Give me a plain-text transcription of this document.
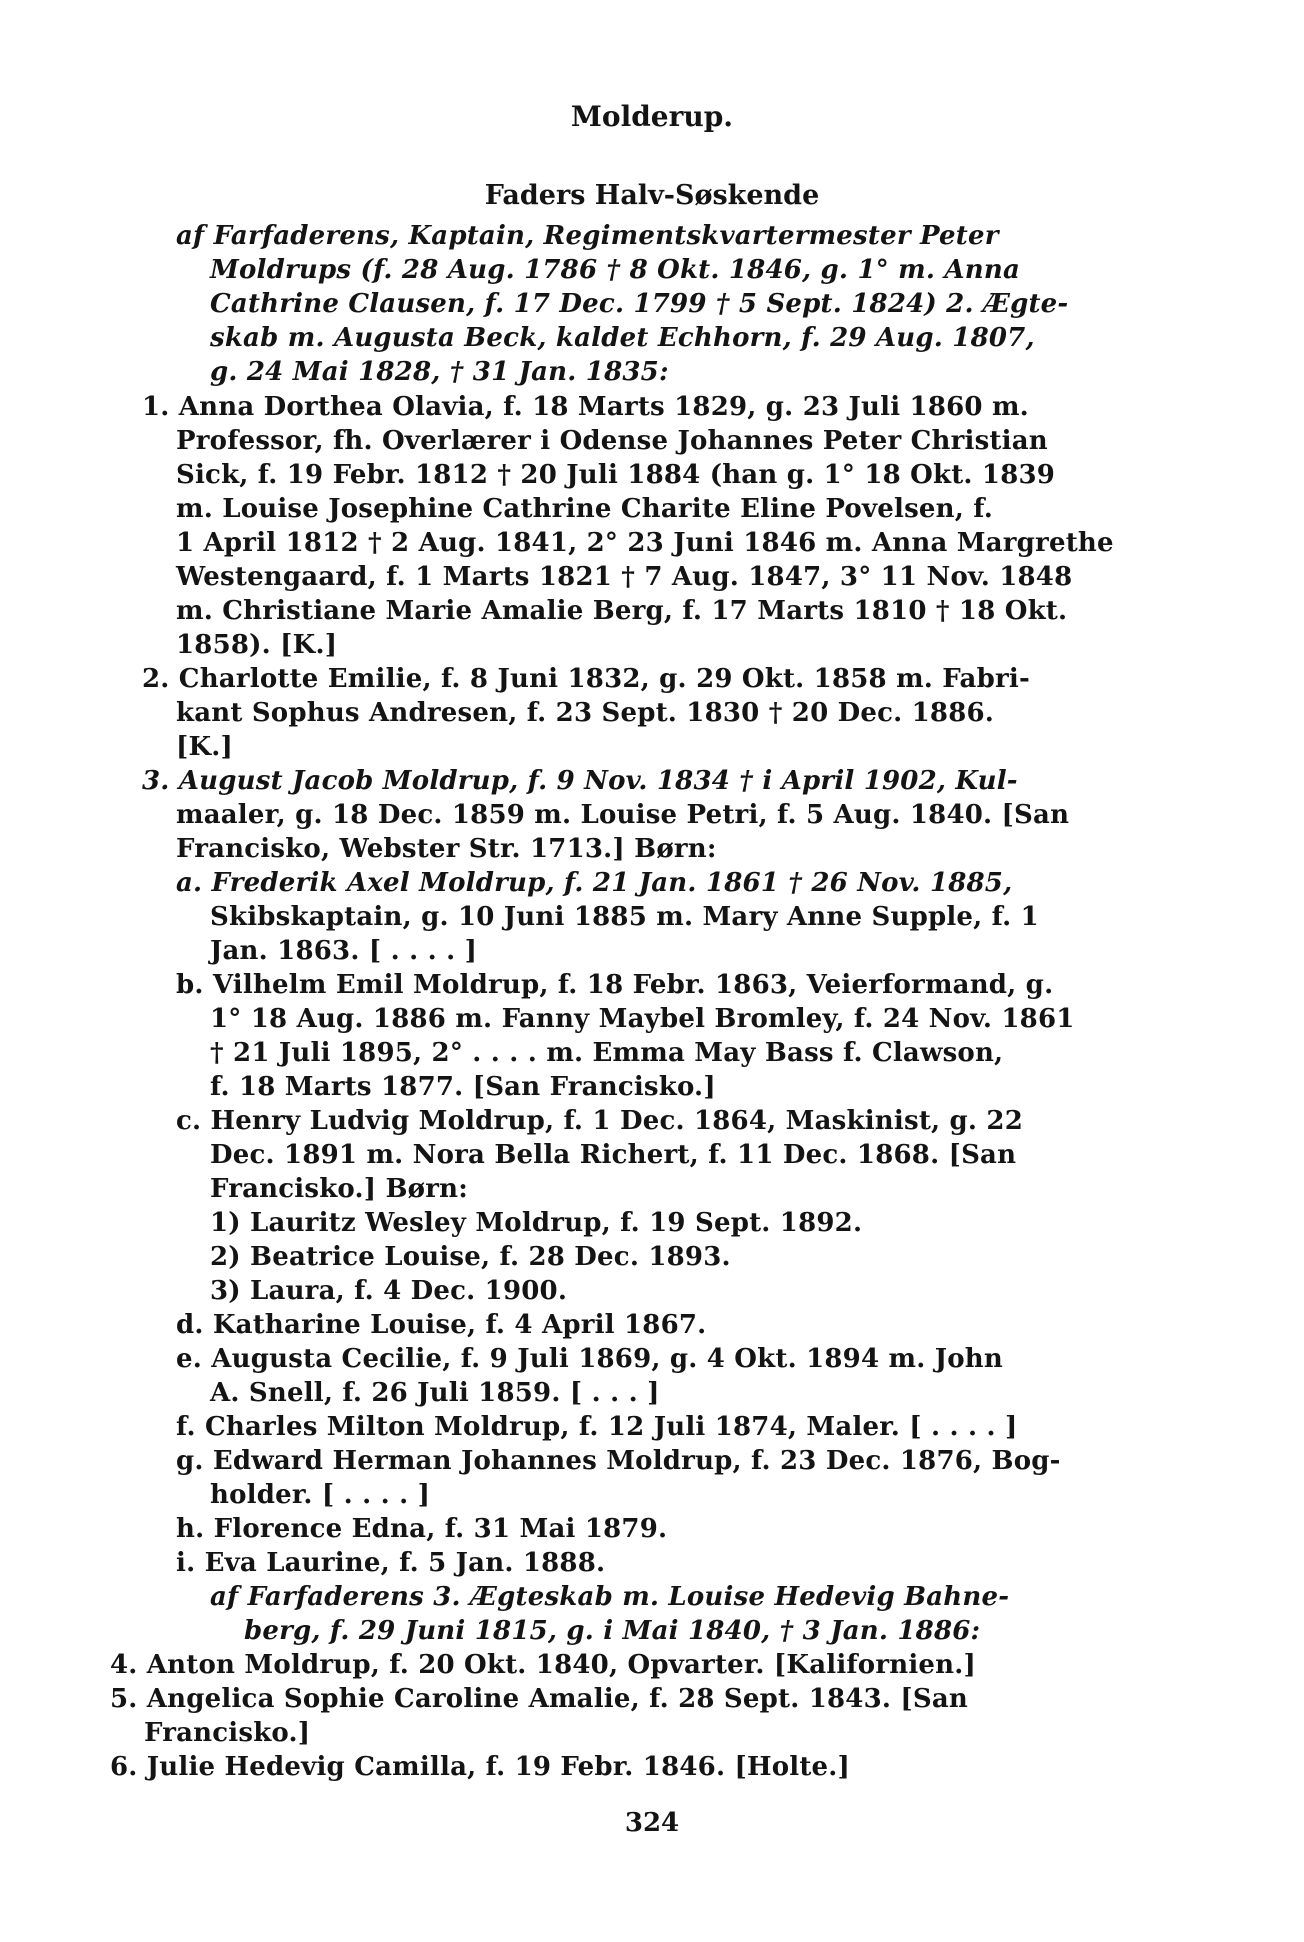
Molderup.
Faders Halv-Søskende
af Farfaderens, Kaptain, Regimentskvartermester Peter
Moldrups (f. 28 Aug. 1786 † 8 Okt. 1846, g. 1° m. Anna
Cathrine Clausen, f. 17 Dec. 1799 † 5 Sept. 1824) 2. Ægte-
skab m. Augusta Beck, kaldet Echhorn, f. 29 Aug. 1807,
g. 24 Mai 1828, † 31 Jan. 1835:
1. Anna Dorthea Olavia, f. 18 Marts 1829, g. 23 Juli 1860 m.
Professor, fh. Overlærer i Odense Johannes Peter Christian
Sick, f. 19 Febr. 1812 † 20 Juli 1884 (han g. 1° 18 Okt. 1839
m. Louise Josephine Cathrine Charite Eline Povelsen, f.
1 April 1812 † 2 Aug. 1841, 2° 23 Juni 1846 m. Anna Margrethe
Westengaard, f. 1 Marts 1821 † 7 Aug. 1847, 3° 11 Nov. 1848
m. Christiane Marie Amalie Berg, f. 17 Marts 1810 † 18 Okt.
1858). [K.]
2. Charlotte Emilie, f. 8 Juni 1832, g. 29 Okt. 1858 m. Fabri-
kant Sophus Andresen, f. 23 Sept. 1830 † 20 Dec. 1886.
[K.]
3. August Jacob Moldrup, f. 9 Nov. 1834 † i April 1902, Kul-
maaler, g. 18 Dec. 1859 m. Louise Petri, f. 5 Aug. 1840. [San
Francisko, Webster Str. 1713.] Børn:
a. Frederik Axel Moldrup, f. 21 Jan. 1861 † 26 Nov. 1885,
Skibskaptain, g. 10 Juni 1885 m. Mary Anne Supple, f. 1
Jan. 1863. [ . . . . ]
b. Vilhelm Emil Moldrup, f. 18 Febr. 1863, Veierformand, g.
1° 18 Aug. 1886 m. Fanny Maybel Bromley, f. 24 Nov. 1861
† 21 Juli 1895, 2° . . . . m. Emma May Bass f. Clawson,
f. 18 Marts 1877. [San Francisko.]
c. Henry Ludvig Moldrup, f. 1 Dec. 1864, Maskinist, g. 22
Dec. 1891 m. Nora Bella Richert, f. 11 Dec. 1868. [San
Francisko.] Børn:
1) Lauritz Wesley Moldrup, f. 19 Sept. 1892.
2) Beatrice Louise, f. 28 Dec. 1893.
3) Laura, f. 4 Dec. 1900.
d. Katharine Louise, f. 4 April 1867.
e. Augusta Cecilie, f. 9 Juli 1869, g. 4 Okt. 1894 m. John
A. Snell, f. 26 Juli 1859. [ . . . ]
f. Charles Milton Moldrup, f. 12 Juli 1874, Maler. [ . . . . ]
g. Edward Herman Johannes Moldrup, f. 23 Dec. 1876, Bog-
holder. [ . . . . ]
h. Florence Edna, f. 31 Mai 1879.
i. Eva Laurine, f. 5 Jan. 1888.
af Farfaderens 3. Ægteskab m. Louise Hedevig Bahne-
berg, f. 29 Juni 1815, g. i Mai 1840, † 3 Jan. 1886:
4. Anton Moldrup, f. 20 Okt. 1840, Opvarter. [Kalifornien.]
5. Angelica Sophie Caroline Amalie, f. 28 Sept. 1843. [San
Francisko.]
6. Julie Hedevig Camilla, f. 19 Febr. 1846. [Holte.]
324
